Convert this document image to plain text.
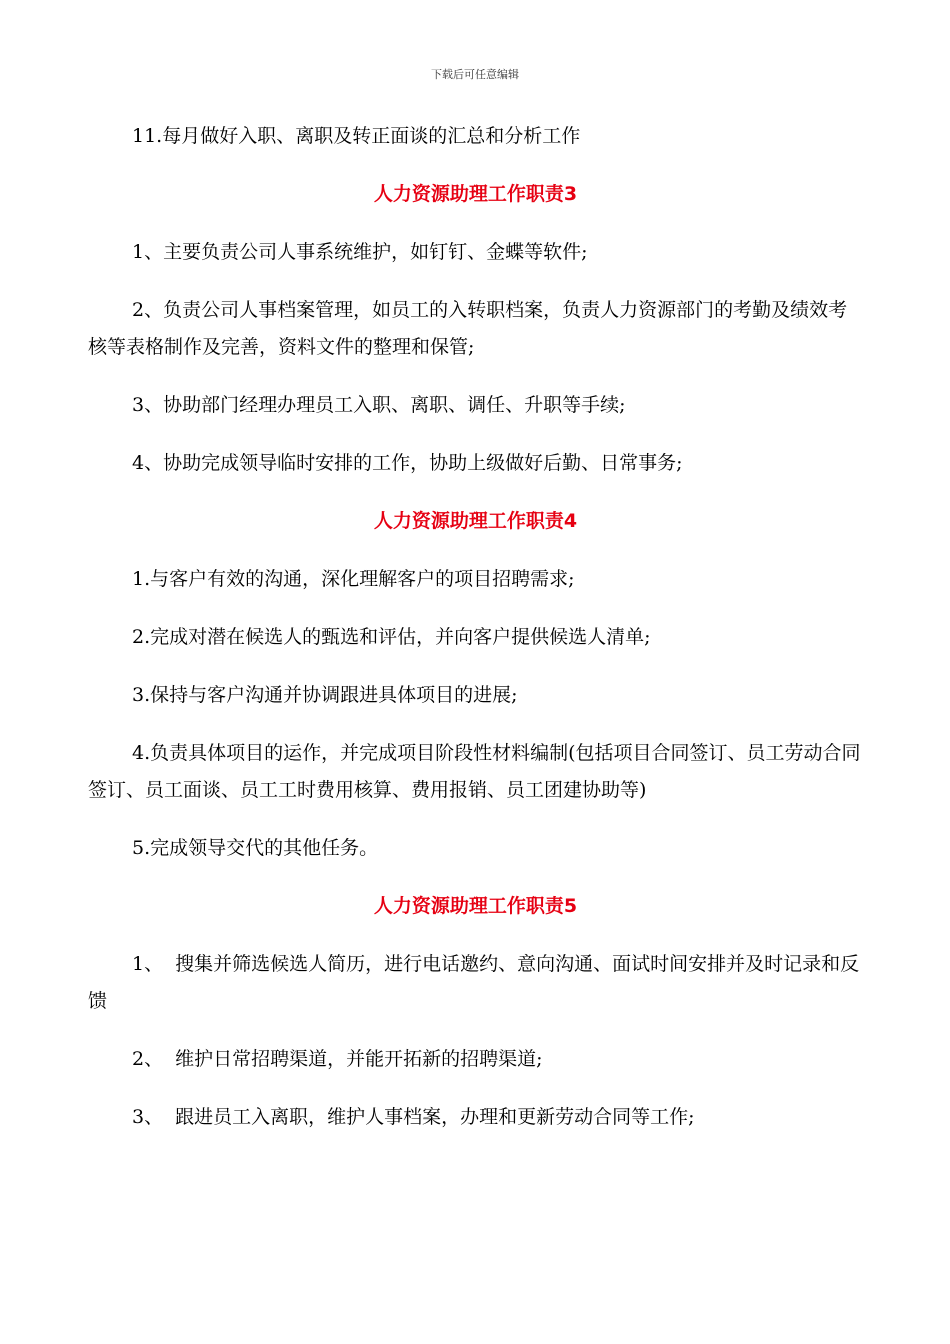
下载后可任意编辑

11.每月做好入职、离职及转正面谈的汇总和分析工作

人力资源助理工作职责3

1、主要负责公司人事系统维护，如钉钉、金蝶等软件;

2、负责公司人事档案管理，如员工的入转职档案，负责人力资源部门的考勤及绩效考核等表格制作及完善，资料文件的整理和保管;

3、协助部门经理办理员工入职、离职、调任、升职等手续;

4、协助完成领导临时安排的工作，协助上级做好后勤、日常事务;

人力资源助理工作职责4

1.与客户有效的沟通，深化理解客户的项目招聘需求;

2.完成对潜在候选人的甄选和评估，并向客户提供候选人清单;

3.保持与客户沟通并协调跟进具体项目的进展;

4.负责具体项目的运作，并完成项目阶段性材料编制(包括项目合同签订、员工劳动合同签订、员工面谈、员工工时费用核算、费用报销、员工团建协助等)

5.完成领导交代的其他任务。

人力资源助理工作职责5

1、  搜集并筛选候选人简历，进行电话邀约、意向沟通、面试时间安排并及时记录和反馈

2、  维护日常招聘渠道，并能开拓新的招聘渠道;

3、  跟进员工入离职，维护人事档案，办理和更新劳动合同等工作;
